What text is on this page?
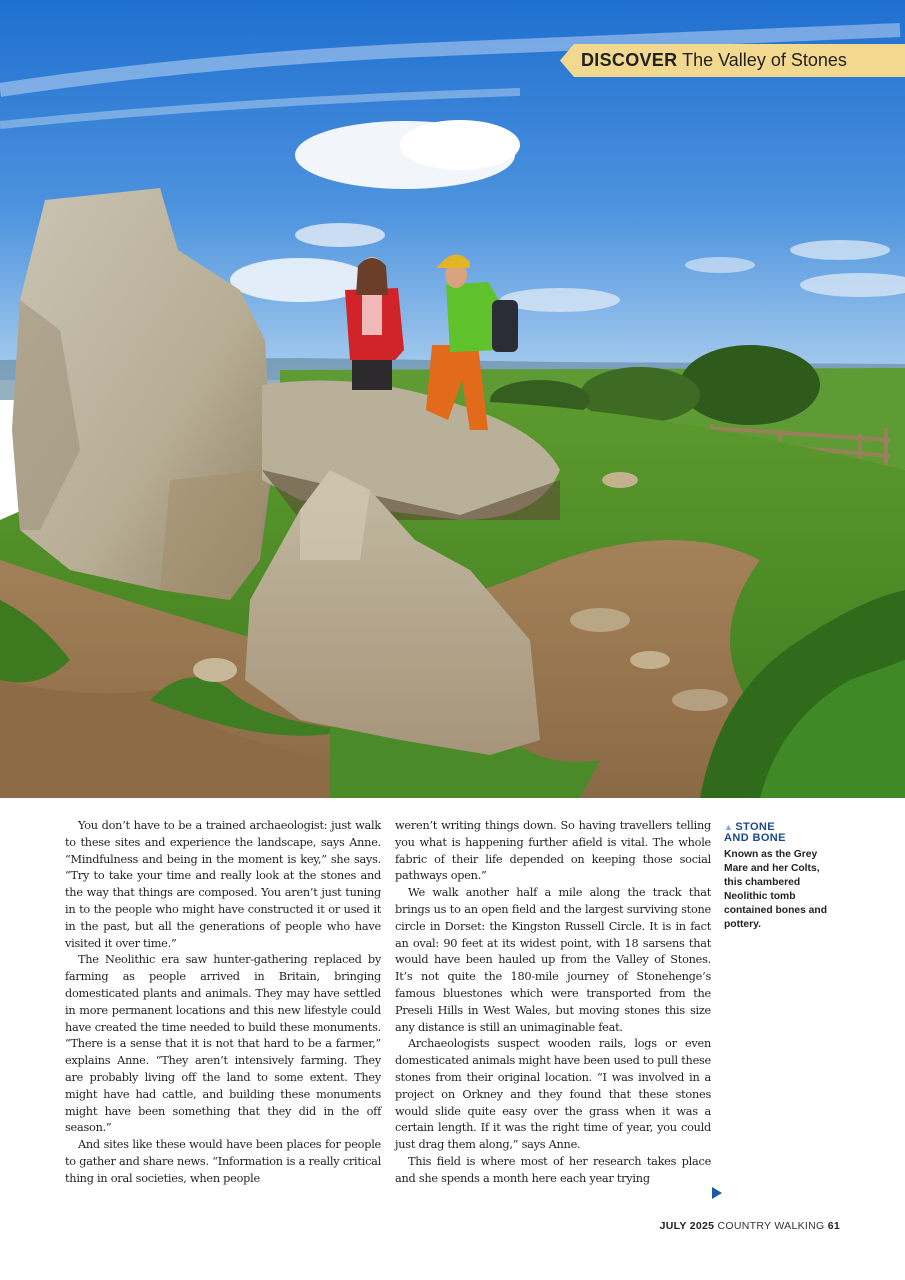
DISCOVER The Valley of Stones

You don’t have to be a trained archaeologist: just walk to these sites and experience the landscape, says Anne. “Mindfulness and being in the moment is key,” she says. “Try to take your time and really look at the stones and the way that things are composed. You aren’t just tuning in to the people who might have constructed it or used it in the past, but all the generations of people who have visited it over time.”

The Neolithic era saw hunter-gathering replaced by farming as people arrived in Britain, bringing domesticated plants and animals. They may have settled in more permanent locations and this new lifestyle could have created the time needed to build these monuments. “There is a sense that it is not that hard to be a farmer,” explains Anne. “They aren’t intensively farming. They are probably living off the land to some extent. They might have had cattle, and building these monuments might have been something that they did in the off season.”

And sites like these would have been places for people to gather and share news. “Information is a really critical thing in oral societies, when people

weren’t writing things down. So having travellers telling you what is happening further afield is vital. The whole fabric of their life depended on keeping those social pathways open.”

We walk another half a mile along the track that brings us to an open field and the largest surviving stone circle in Dorset: the Kingston Russell Circle. It is in fact an oval: 90 feet at its widest point, with 18 sarsens that would have been hauled up from the Valley of Stones. It’s not quite the 180-mile journey of Stonehenge’s famous bluestones which were transported from the Preseli Hills in West Wales, but moving stones this size any distance is still an unimaginable feat.

Archaeologists suspect wooden rails, logs or even domesticated animals might have been used to pull these stones from their original location. “I was involved in a project on Orkney and they found that these stones would slide quite easy over the grass when it was a certain length. If it was the right time of year, you could just drag them along,” says Anne.

This field is where most of her research takes place and she spends a month here each year trying

▲ STONE
AND BONE
Known as the Grey Mare and her Colts, this chambered Neolithic tomb contained bones and pottery.
JULY 2025 COUNTRY WALKING 61
